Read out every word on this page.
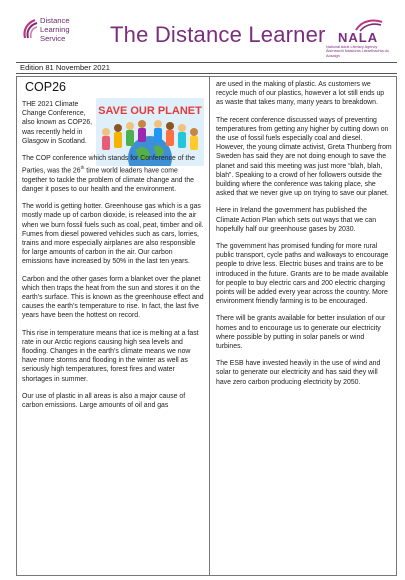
Distance
Learning
Service The Distance Learner NALA
National Adult Literacy Agency
Áisíneacht Náisiúnta Litearthachta do Aosaigh
Edition 81 November 2021
SAVE OUR PLANET
COP26

THE 2021 Climate Change Conference, also known as COP26, was recently held in Glasgow in Scotland.

The COP conference which stands for Conference of the Parties, was the 26th time world leaders have come together to tackle the problem of climate change and the danger it poses to our health and the environment.

The world is getting hotter. Greenhouse gas which is a gas mostly made up of carbon dioxide, is released into the air when we burn fossil fuels such as coal, peat, timber and oil. Fumes from diesel powered vehicles such as cars, lorries, trains and more especially airplanes are also responsible for large amounts of carbon in the air. Our carbon emissions have increased by 50% in the last ten years.

Carbon and the other gases form a blanket over the planet which then traps the heat from the sun and stores it on the earth’s surface. This is known as the greenhouse effect and causes the earth’s temperature to rise. In fact, the last five years have been the hottest on record.

This rise in temperature means that ice is melting at a fast rate in our Arctic regions causing high sea levels and flooding. Changes in the earth’s climate means we now have more storms and flooding in the winter as well as seriously high temperatures, forest fires and water shortages in summer.

Our use of plastic in all areas is also a major cause of carbon emissions. Large amounts of oil and gas

are used in the making of plastic. As customers we recycle much of our plastics, however a lot still ends up as waste that takes many, many years to breakdown.

The recent conference discussed ways of preventing temperatures from getting any higher by cutting down on the use of fossil fuels especially coal and diesel. However, the young climate activist, Greta Thunberg from Sweden has said they are not doing enough to save the planet and said this meeting was just more “blah, blah, blah”. Speaking to a crowd of her followers outside the building where the conference was taking place, she asked that we never give up on trying to save our planet.

Here in Ireland the government has published the Climate Action Plan which sets out ways that we can hopefully half our greenhouse gases by 2030.

The government has promised funding for more rural public transport, cycle paths and walkways to encourage people to drive less. Electric buses and trains are to be introduced in the future. Grants are to be made available for people to buy electric cars and 200 electric charging points will be added every year across the country. More environment friendly farming is to be encouraged.

There will be grants available for better insulation of our homes and to encourage us to generate our electricity where possible by putting in solar panels or wind turbines.

The ESB have invested heavily in the use of wind and solar to generate our electricity and has said they will have zero carbon producing electricity by 2050.
